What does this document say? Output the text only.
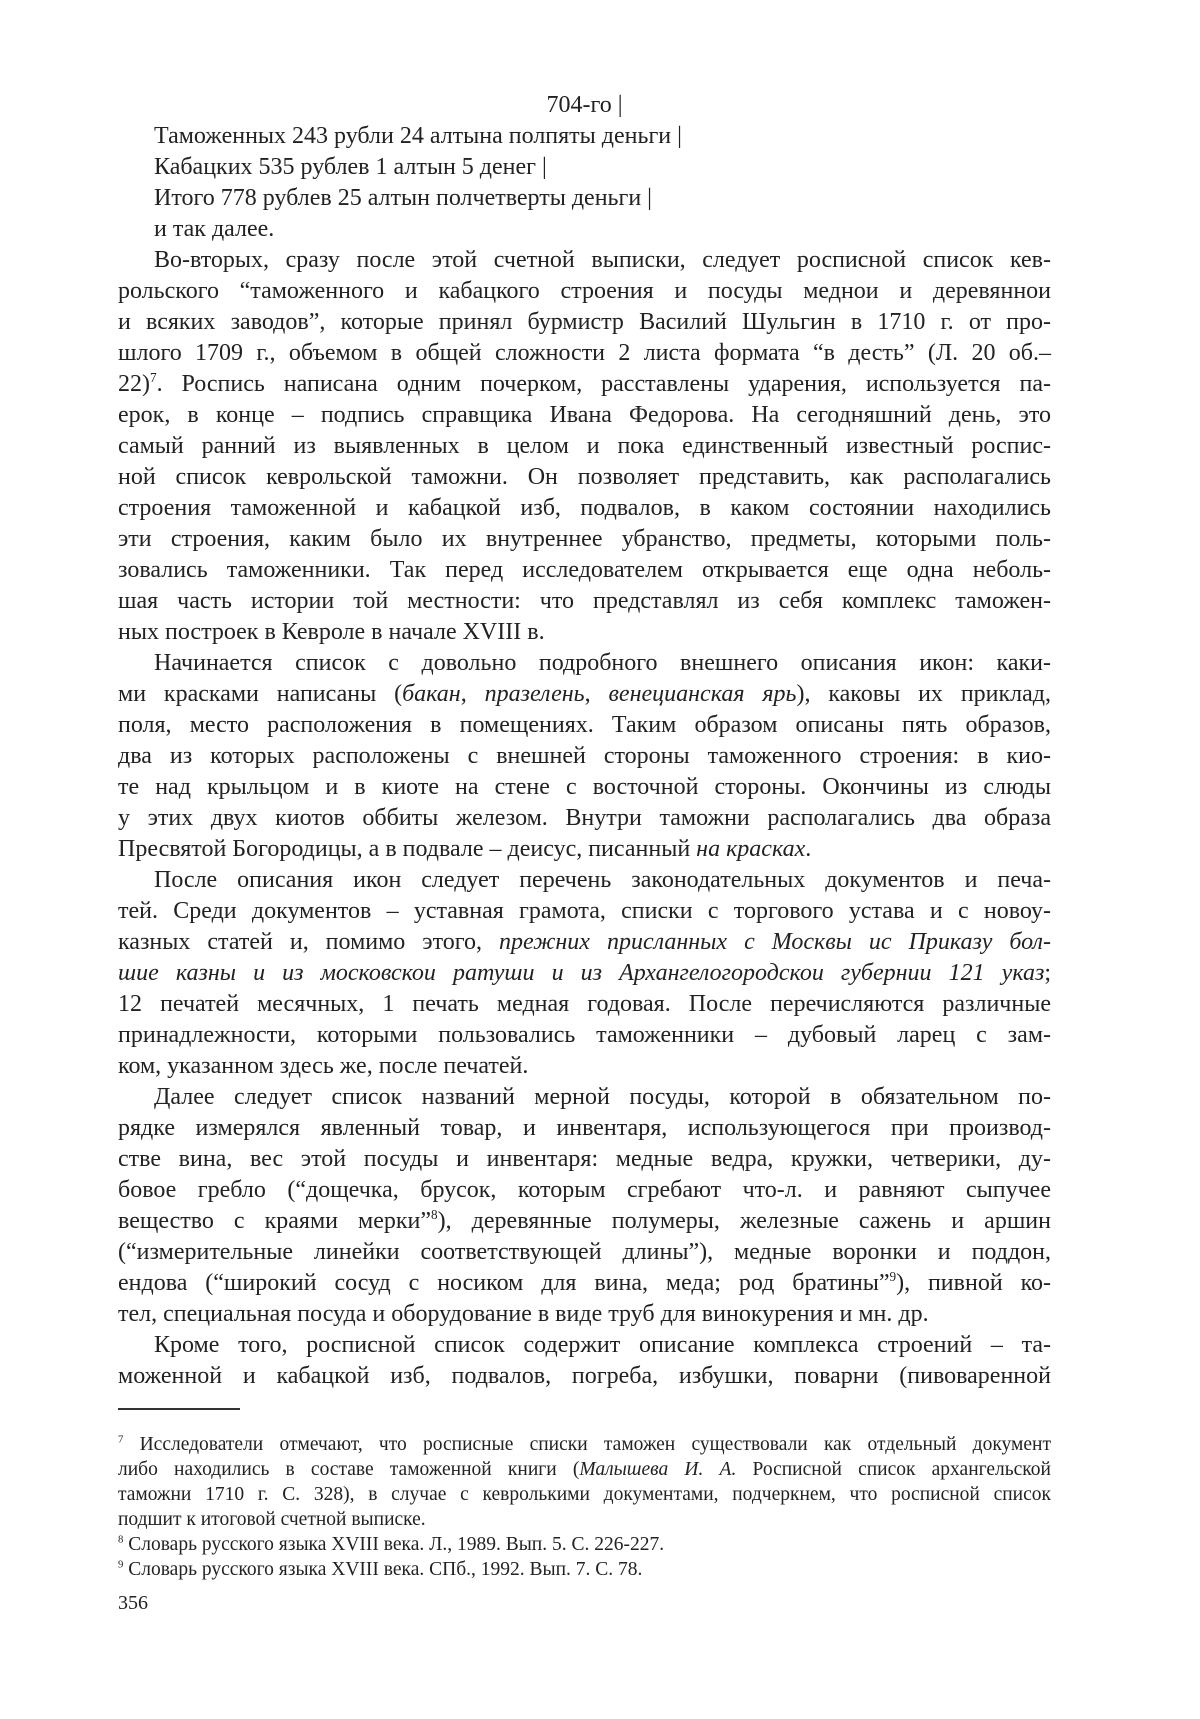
704-го |
Таможенных 243 рубли 24 алтына полпяты деньги |
Кабацких 535 рублев 1 алтын 5 денег |
Итого 778 рублев 25 алтын полчетверты деньги |
и так далее.
Во-вторых, сразу после этой счетной выписки, следует росписной список кев-
рольского “таможенного и кабацкого строения и посуды меднои и деревяннои
и всяких заводов”, которые принял бурмистр Василий Шульгин в 1710 г. от про-
шлого 1709 г., объемом в общей сложности 2 листа формата “в десть” (Л. 20 об.–
22)7. Роспись написана одним почерком, расставлены ударения, используется па-
ерок, в конце – подпись справщика Ивана Федорова. На сегодняшний день, это
самый ранний из выявленных в целом и пока единственный известный роспис-
ной список кеврольской таможни. Он позволяет представить, как располагались
строения таможенной и кабацкой изб, подвалов, в каком состоянии находились
эти строения, каким было их внутреннее убранство, предметы, которыми поль-
зовались таможенники. Так перед исследователем открывается еще одна неболь-
шая часть истории той местности: что представлял из себя комплекс таможен-
ных построек в Кевроле в начале XVIII в.
Начинается список с довольно подробного внешнего описания икон: каки-
ми красками написаны (бакан, празелень, венецианская ярь), каковы их приклад,
поля, место расположения в помещениях. Таким образом описаны пять образов,
два из которых расположены с внешней стороны таможенного строения: в кио-
те над крыльцом и в киоте на стене с восточной стороны. Окончины из слюды
у этих двух киотов оббиты железом. Внутри таможни располагались два образа
Пресвятой Богородицы, а в подвале – деисус, писанный на красках.
После описания икон следует перечень законодательных документов и печа-
тей. Среди документов – уставная грамота, списки с торгового устава и с новоу-
казных статей и, помимо этого, прежних присланных с Москвы ис Приказу бол-
шие казны и из московскои ратуши и из Архангелогородскои губернии 121 указ;
12 печатей месячных, 1 печать медная годовая. После перечисляются различные
принадлежности, которыми пользовались таможенники – дубовый ларец с зам-
ком, указанном здесь же, после печатей.
Далее следует список названий мерной посуды, которой в обязательном по-
рядке измерялся явленный товар, и инвентаря, использующегося при производ-
стве вина, вес этой посуды и инвентаря: медные ведра, кружки, четверики, ду-
бовое гребло (“дощечка, брусок, которым сгребают что-л. и равняют сыпучее
вещество с краями мерки”8), деревянные полумеры, железные сажень и аршин
(“измерительные линейки соответствующей длины”), медные воронки и поддон,
ендова (“широкий сосуд с носиком для вина, меда; род братины”9), пивной ко-
тел, специальная посуда и оборудование в виде труб для винокурения и мн. др.
Кроме того, росписной список содержит описание комплекса строений – та-
моженной и кабацкой изб, подвалов, погреба, избушки, поварни (пивоваренной
7 Исследователи отмечают, что росписные списки таможен существовали как отдельный документ
либо находились в составе таможенной книги (Малышева И. А. Росписной список архангельской
таможни 1710 г. С. 328), в случае с кевролькими документами, подчеркнем, что росписной список
подшит к итоговой счетной выписке.
8 Словарь русского языка XVIII века. Л., 1989. Вып. 5. С. 226-227.
9 Словарь русского языка XVIII века. СПб., 1992. Вып. 7. С. 78.
356
